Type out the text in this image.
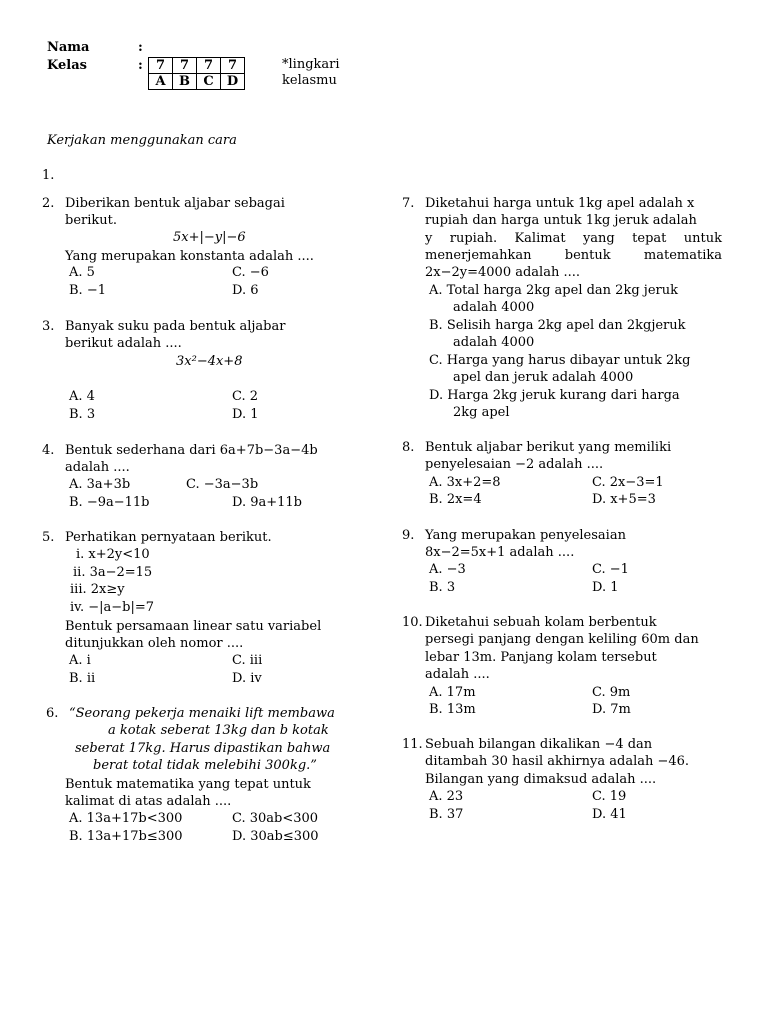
Nama	:
Kelas	: 7	7	7	7
A	B	C	D
*lingkari
kelasmu
Kerjakan menggunakan cara
1.
2. Diberikan bentuk aljabar sebagai
berikut.
5x+|−y|−6
Yang merupakan konstanta adalah ....
A. 5
B. −1
C. −6
D. 6
3. Banyak suku pada bentuk aljabar
berikut adalah ....
3x²−4x+8
A. 4
B. 3
C. 2
D. 1
4. Bentuk sederhana dari 6a+7b−3a−4b
adalah ....
A. 3a+3b
B. −9a−11b
C. −3a−3b
D. 9a+11b
5. Perhatikan pernyataan berikut.
i. x+2y<10
ii. 3a−2=15
iii. 2x≥y
iv. −|a−b|=7
Bentuk persamaan linear satu variabel
ditunjukkan oleh nomor ....
A. i
B. ii
C. iii
D. iv
6. “Seorang pekerja menaiki lift membawa
a kotak seberat 13kg dan b kotak
seberat 17kg. Harus dipastikan bahwa
berat total tidak melebihi 300kg.”
Bentuk matematika yang tepat untuk
kalimat di atas adalah ....
A. 13a+17b<300
B. 13a+17b≤300
C. 30ab<300
D. 30ab≤300
7. Diketahui harga untuk 1kg apel adalah x
rupiah dan harga untuk 1kg jeruk adalah
y rupiah. Kalimat yang tepat untuk
menerjemahkan bentuk matematika
2x−2y=4000 adalah ....
A. Total harga 2kg apel dan 2kg jeruk
adalah 4000
B. Selisih harga 2kg apel dan 2kgjeruk
adalah 4000
C. Harga yang harus dibayar untuk 2kg
apel dan jeruk adalah 4000
D. Harga 2kg jeruk kurang dari harga
2kg apel
8. Bentuk aljabar berikut yang memiliki
penyelesaian −2 adalah ....
A. 3x+2=8
B. 2x=4
C. 2x−3=1
D. x+5=3
9. Yang merupakan penyelesaian
8x−2=5x+1 adalah ....
A. −3
B. 3
C. −1
D. 1
10. Diketahui sebuah kolam berbentuk
persegi panjang dengan keliling 60m dan
lebar 13m. Panjang kolam tersebut
adalah ....
A. 17m
B. 13m
C. 9m
D. 7m
11. Sebuah bilangan dikalikan −4 dan
ditambah 30 hasil akhirnya adalah −46.
Bilangan yang dimaksud adalah ....
A. 23
B. 37
C. 19
D. 41
